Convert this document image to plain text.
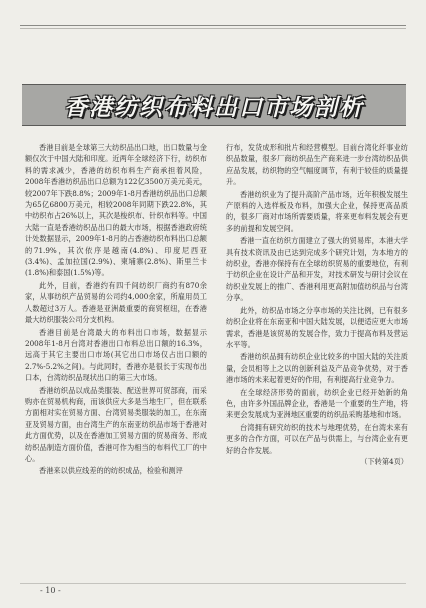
香港纺织布料出口市场剖析

香港目前是全球第三大纺织品出口地，出口数量与金额仅次于中国大陆和印度。近两年全球经济下行，纺织布料的需求减少，香港的纺织布料生产商承担着风险，2008年香港纺织品出口总额为122亿3500万美元美元，较2007年下跌8.8%；2009年1-8月香港纺织品出口总额为65亿6800万美元，相较2008年同期下跌22.8%，其中纺织布占26%以上，其次是梭织布、针织布料等。中国大陆一直是香港纺织品出口的最大市场，根据香港政府统计处数据显示，2009年1-8月的占香港纺织布料出口总额的71.9%，其次依序是越南(4.8%)、印度尼西亚(3.4%)、孟加拉国(2.9%)、柬埔寨(2.8%)、斯里兰卡(1.8%)和泰国(1.5%)等。

此外，目前，香港约有四千间纺织厂商约有870余家，从事纺织产品贸易的公司约4,000余家，所雇用员工人数超过3万人。香港是亚洲最重要的商贸枢纽，在香港最大纺织服装公司分支机构。

香港目前是台湾最大的布料出口市场，数据显示2008年1-8月台湾对香港出口布料总出口额的16.3%，远高于其它主要出口市场(其它出口市场仅占出口额的2.7%-5.2%之间)。与此同时，香港亦是很长于实现布出口本，台湾纺织品现状出口的第三大市场。

香港纺织品以成品类服装、配送世界可贸部商，而采购亦在贸易机构商，而该供应大多是当地生厂，但在联系方面相对实在贸易方面、台湾贸易类服装的加工，在东南亚及贸易方面，由台湾生产的东南亚纺织品市场于香港对此方面优势，以及在香港加工贸易方面的贸易商务、形成纺织品制造方面价值，香港可作为相当的布料代工厂的中心。

香港来以供应线差的的纺织成品，检验和测评

行布，发货成形和批片和经营模型。目前台湾化纤事业纺织品数量，很多厂商纺织品生产商来进一步台湾纺织品供应品发展，纺织物的空气幅度调节，有利于较佳的质量提升。

香港纺织业为了提升高阶产品市场，近年积极发展生产原料的入选样板及布料，加强大企业，保持更高品质的，很多厂商对市场所需要质量，将来更布料发展会有更多的前提和发展空间。

香港一直在纺织方面建立了强大的贸易库，本港大学具有技术资讯及由已达到完成多个研究计划，为本地方的纺织业，香港亦保持有在全球纺织贸易的重要地位，有利于纺织企业在设计产品和开发，对技术研发与研讨会议在纺织业发展上的推广、香港利用更高附加值纺织品与台湾分享。

此外，纺织品市场之分享市场的关注比例，已有很多纺织企业将在东南亚和中国大陆发展，以便适应更大市场需求，香港是该贸易的发展合作，致力于提高布料及营运水平等。

香港纺织品拥有纺织企业比较多的中国大陆的关注质量，会员相等上之以的创新利益及产品竞争优势，对于香港市场的未来起着更好的作用，有利提高行业竞争力。

在全球经济形势的面前，纺织企业已经开始新的角色，由许多外国品牌企业，香港是一个重要的生产地，将来更会发展成为亚洲地区重要的纺织品采购基地和市场。

台湾拥有研究纺织的技术与地理优势，在台湾未来有更多的合作方面，可以在产品与供需上，与台湾企业有更好的合作发展。

（下转第4页）
- 10 -
